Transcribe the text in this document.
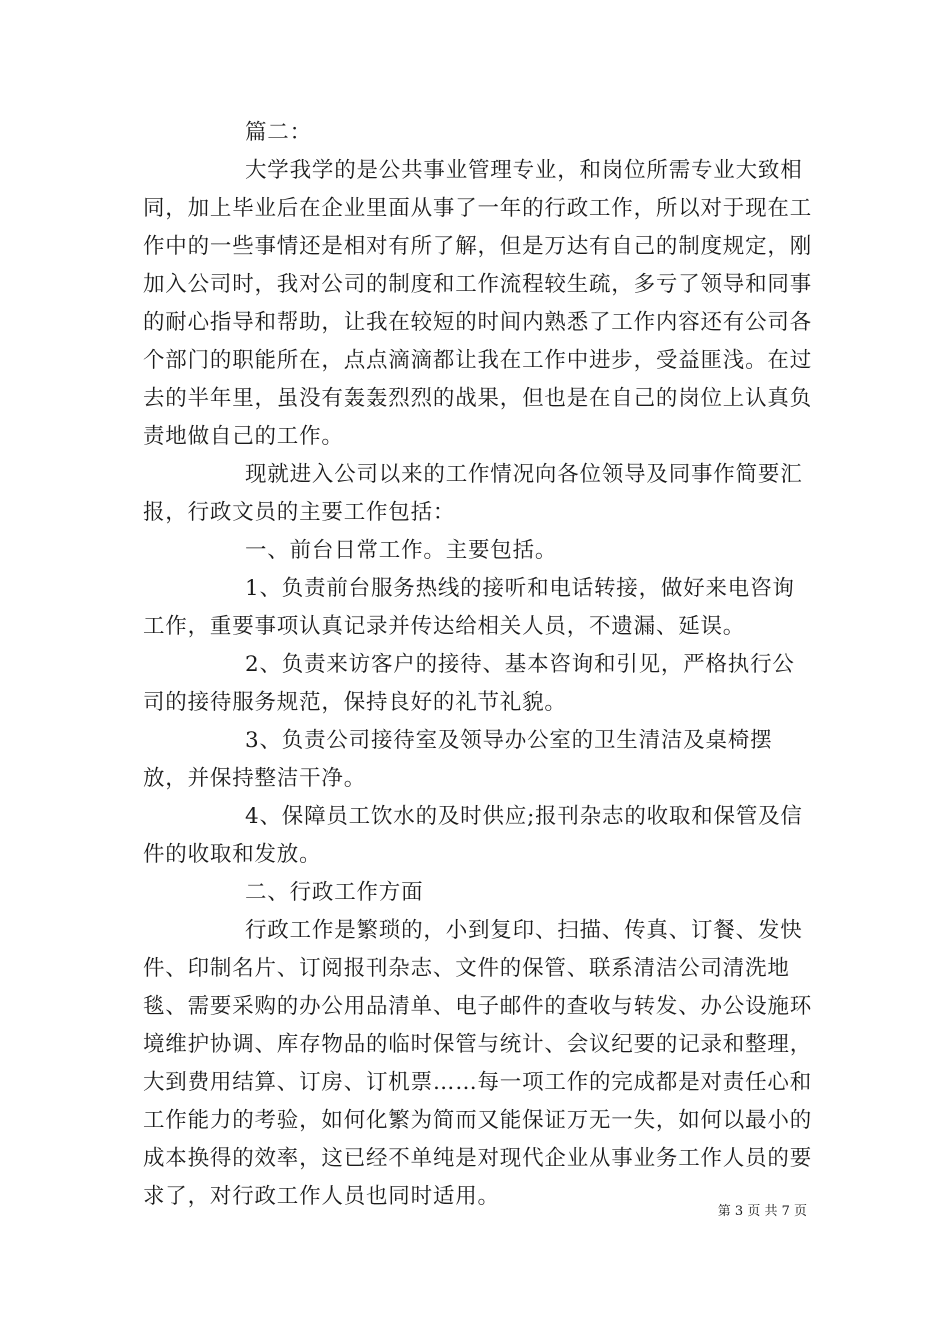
篇二：

大学我学的是公共事业管理专业，和岗位所需专业大致相同，加上毕业后在企业里面从事了一年的行政工作，所以对于现在工作中的一些事情还是相对有所了解，但是万达有自己的制度规定，刚加入公司时，我对公司的制度和工作流程较生疏，多亏了领导和同事的耐心指导和帮助，让我在较短的时间内熟悉了工作内容还有公司各个部门的职能所在，点点滴滴都让我在工作中进步，受益匪浅。在过去的半年里，虽没有轰轰烈烈的战果，但也是在自己的岗位上认真负责地做自己的工作。

现就进入公司以来的工作情况向各位领导及同事作简要汇报，行政文员的主要工作包括：

一、前台日常工作。主要包括。

1、负责前台服务热线的接听和电话转接，做好来电咨询工作，重要事项认真记录并传达给相关人员，不遗漏、延误。

2、负责来访客户的接待、基本咨询和引见，严格执行公司的接待服务规范，保持良好的礼节礼貌。

3、负责公司接待室及领导办公室的卫生清洁及桌椅摆放，并保持整洁干净。

4、保障员工饮水的及时供应;报刊杂志的收取和保管及信件的收取和发放。

二、行政工作方面

行政工作是繁琐的，小到复印、扫描、传真、订餐、发快件、印制名片、订阅报刊杂志、文件的保管、联系清洁公司清洗地毯、需要采购的办公用品清单、电子邮件的查收与转发、办公设施环境维护协调、库存物品的临时保管与统计、会议纪要的记录和整理，大到费用结算、订房、订机票……每一项工作的完成都是对责任心和工作能力的考验，如何化繁为简而又能保证万无一失，如何以最小的成本换得的效率，这已经不单纯是对现代企业从事业务工作人员的要求了，对行政工作人员也同时适用。

第 3 页 共 7 页
